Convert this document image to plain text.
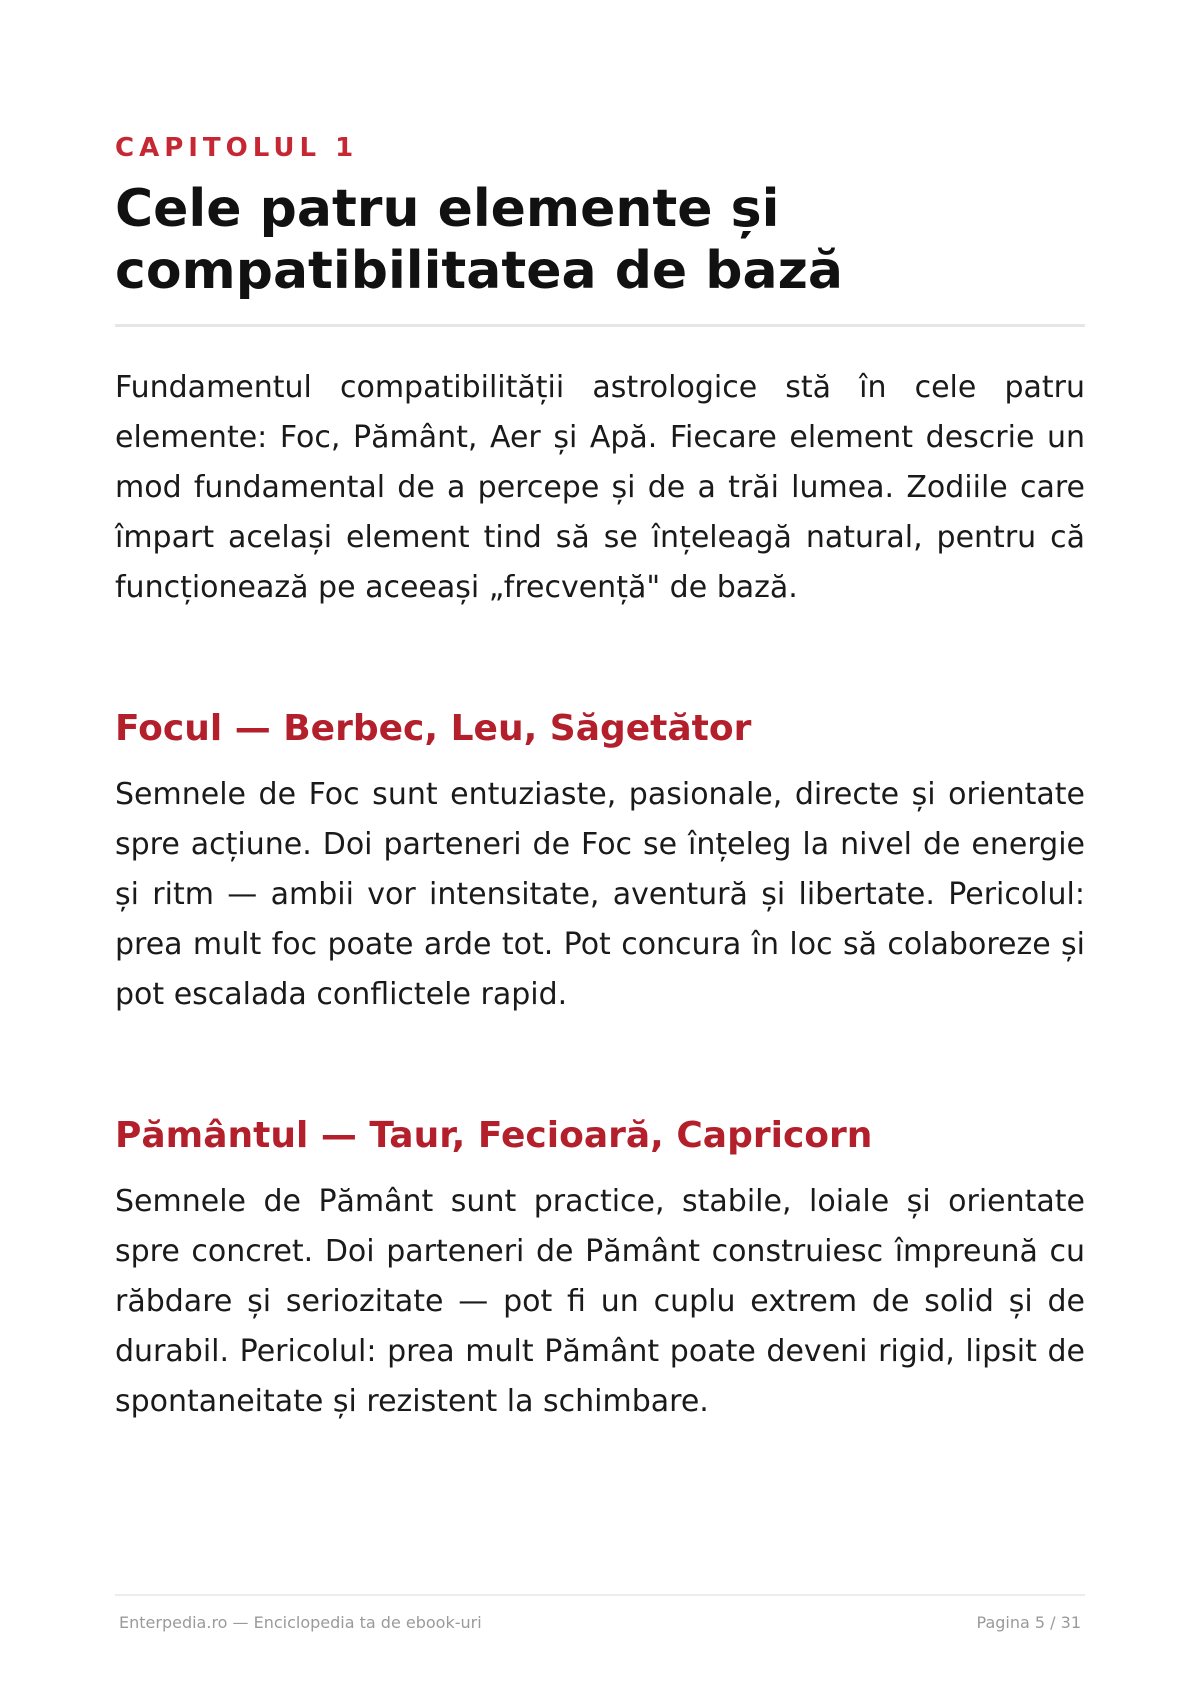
CAPITOLUL 1
Cele patru elemente și compatibilitatea de bază

Fundamentul compatibilității astrologice stă în cele patru elemente: Foc, Pământ, Aer și Apă. Fiecare element descrie un mod fundamental de a percepe și de a trăi lumea. Zodiile care împart același element tind să se înțeleagă natural, pentru că funcționează pe aceeași „frecvență" de bază.

Focul — Berbec, Leu, Săgetător

Semnele de Foc sunt entuziaste, pasionale, directe și orientate spre acțiune. Doi parteneri de Foc se înțeleg la nivel de energie și ritm — ambii vor intensitate, aventură și libertate. Pericolul: prea mult foc poate arde tot. Pot concura în loc să colaboreze și pot escalada conflictele rapid.

Pământul — Taur, Fecioară, Capricorn

Semnele de Pământ sunt practice, stabile, loiale și orientate spre concret. Doi parteneri de Pământ construiesc împreună cu răbdare și seriozitate — pot fi un cuplu extrem de solid și de durabil. Pericolul: prea mult Pământ poate deveni rigid, lipsit de spontaneitate și rezistent la schimbare.

Enterpedia.ro — Enciclopedia ta de ebook-uri	Pagina 5 / 31
